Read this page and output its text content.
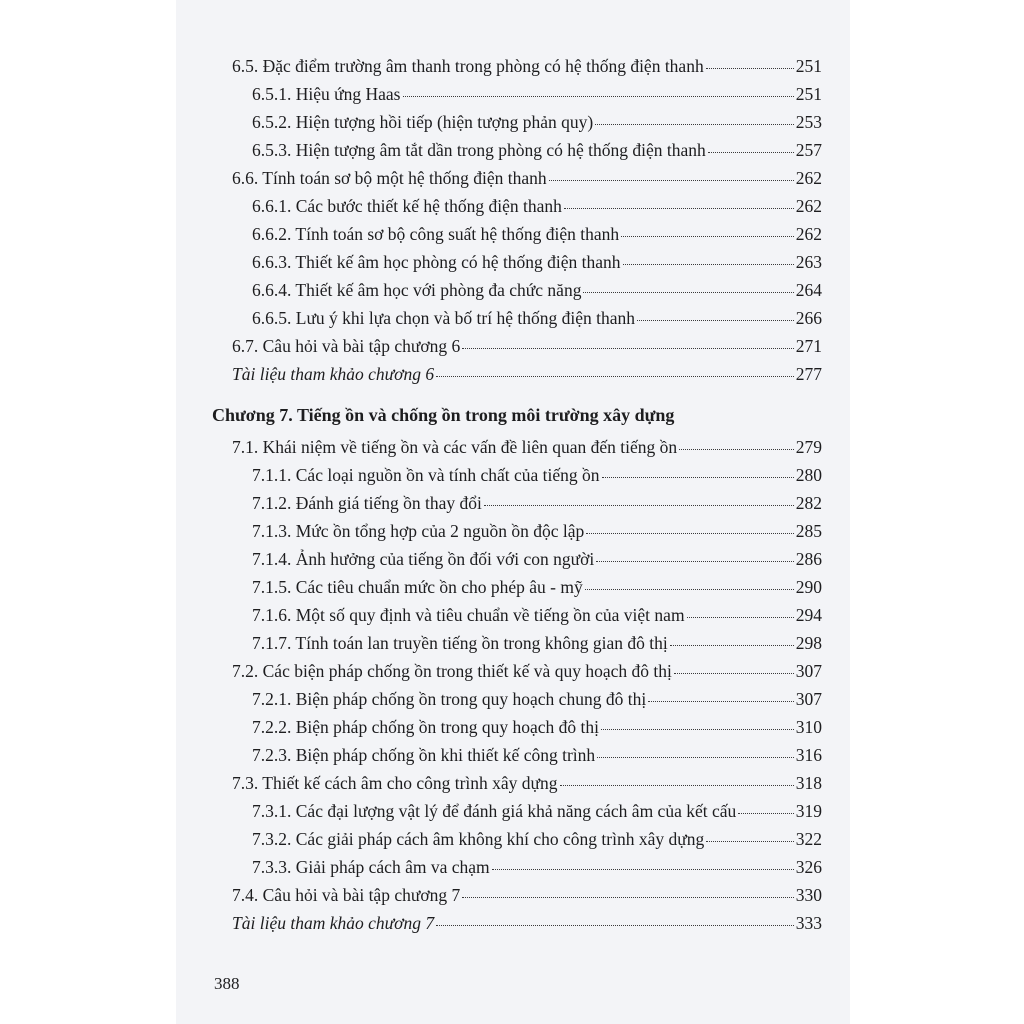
6.5. Đặc điểm trường âm thanh trong phòng có hệ thống điện thanh	251
6.5.1. Hiệu ứng Haas	251
6.5.2. Hiện tượng hồi tiếp (hiện tượng phản quy)	253
6.5.3. Hiện tượng âm tắt dần trong phòng có hệ thống điện thanh	257
6.6. Tính toán sơ bộ một hệ thống điện thanh	262
6.6.1. Các bước thiết kế hệ thống điện thanh	262
6.6.2. Tính toán sơ bộ công suất hệ thống điện thanh	262
6.6.3. Thiết kế âm học phòng có hệ thống điện thanh	263
6.6.4. Thiết kế âm học với phòng đa chức năng	264
6.6.5. Lưu ý khi lựa chọn và bố trí hệ thống điện thanh	266
6.7. Câu hỏi và bài tập chương 6	271
Tài liệu tham khảo chương 6	277
Chương 7. Tiếng ồn và chống ồn trong môi trường xây dựng
7.1. Khái niệm về tiếng ồn và các vấn đề liên quan đến tiếng ồn	279
7.1.1. Các loại nguồn ồn và tính chất của tiếng ồn	280
7.1.2. Đánh giá tiếng ồn thay đổi	282
7.1.3. Mức ồn tổng hợp của 2 nguồn ồn độc lập	285
7.1.4. Ảnh hưởng của tiếng ồn đối với con người	286
7.1.5. Các tiêu chuẩn mức ồn cho phép âu - mỹ	290
7.1.6. Một số quy định và tiêu chuẩn về tiếng ồn của việt nam	294
7.1.7. Tính toán lan truyền tiếng ồn trong không gian đô thị	298
7.2. Các biện pháp chống ồn trong thiết kế và quy hoạch đô thị	307
7.2.1. Biện pháp chống ồn trong quy hoạch chung đô thị	307
7.2.2. Biện pháp chống ồn trong quy hoạch đô thị	310
7.2.3. Biện pháp chống ồn khi thiết kế công trình	316
7.3. Thiết kế cách âm cho công trình xây dựng	318
7.3.1. Các đại lượng vật lý để đánh giá khả năng cách âm của kết cấu	319
7.3.2. Các giải pháp cách âm không khí cho công trình xây dựng	322
7.3.3. Giải pháp cách âm va chạm	326
7.4. Câu hỏi và bài tập chương 7	330
Tài liệu tham khảo chương 7	333
388
